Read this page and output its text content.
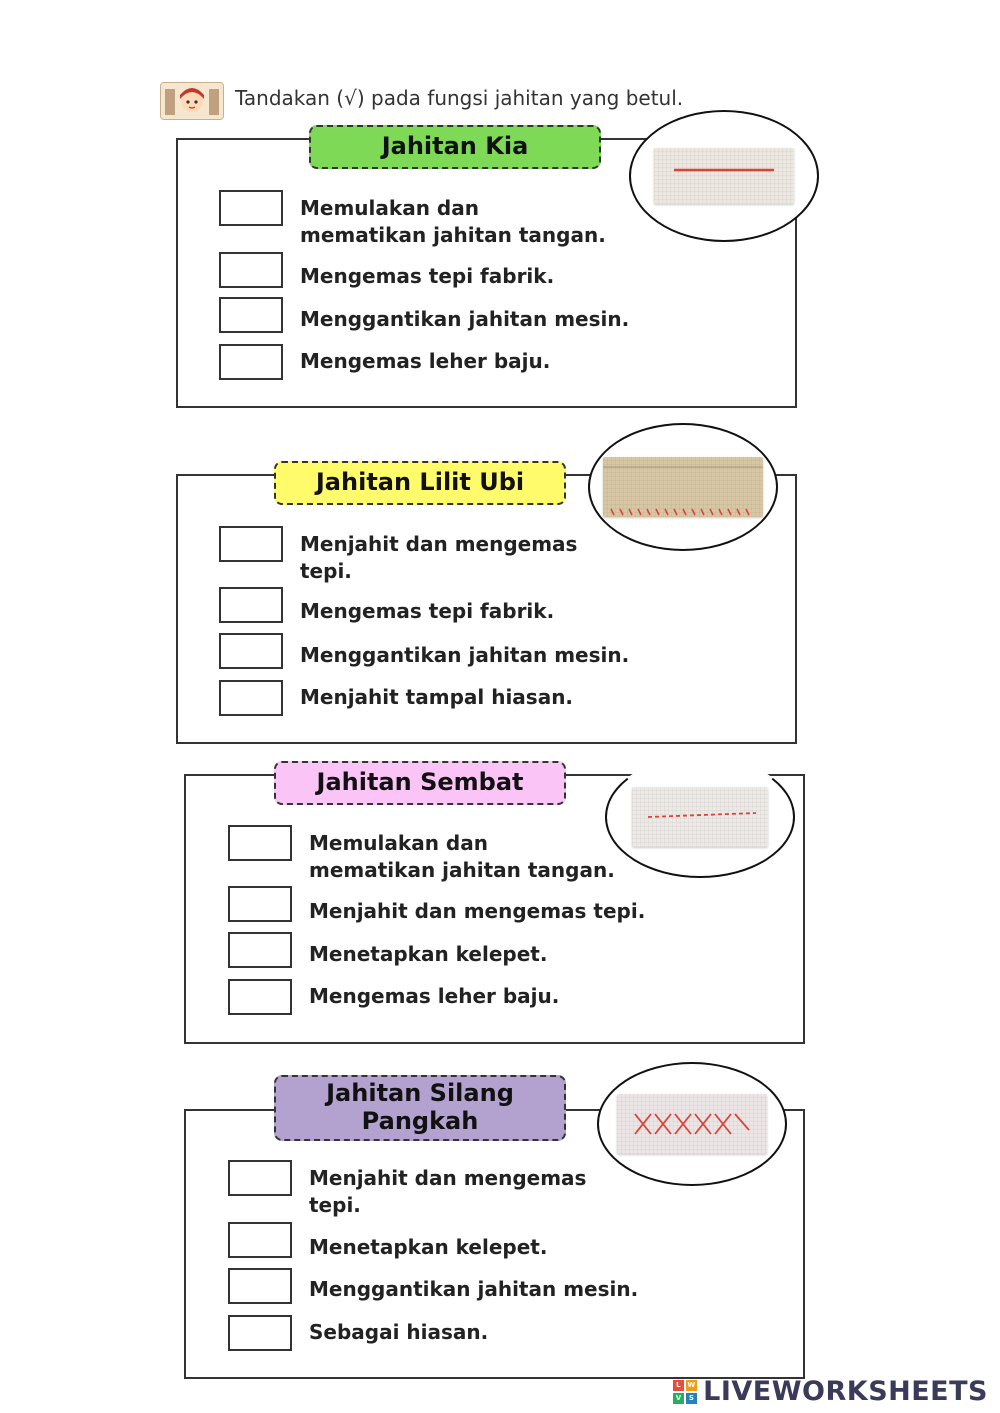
Tandakan (√) pada fungsi jahitan yang betul.
Jahitan Kia
Memulakan dan
mematikan jahitan tangan.
Mengemas tepi fabrik.
Menggantikan jahitan mesin.
Mengemas leher baju.
Jahitan Lilit Ubi
Menjahit dan mengemas
tepi.
Mengemas tepi fabrik.
Menggantikan jahitan mesin.
Menjahit tampal hiasan.
Jahitan Sembat
Memulakan dan
mematikan jahitan tangan.
Menjahit dan mengemas tepi.
Menetapkan kelepet.
Mengemas leher baju.
Jahitan Silang
Pangkah
Menjahit dan mengemas
tepi.
Menetapkan kelepet.
Menggantikan jahitan mesin.
Sebagai hiasan.
L W
V	S LIVEWORKSHEETS
